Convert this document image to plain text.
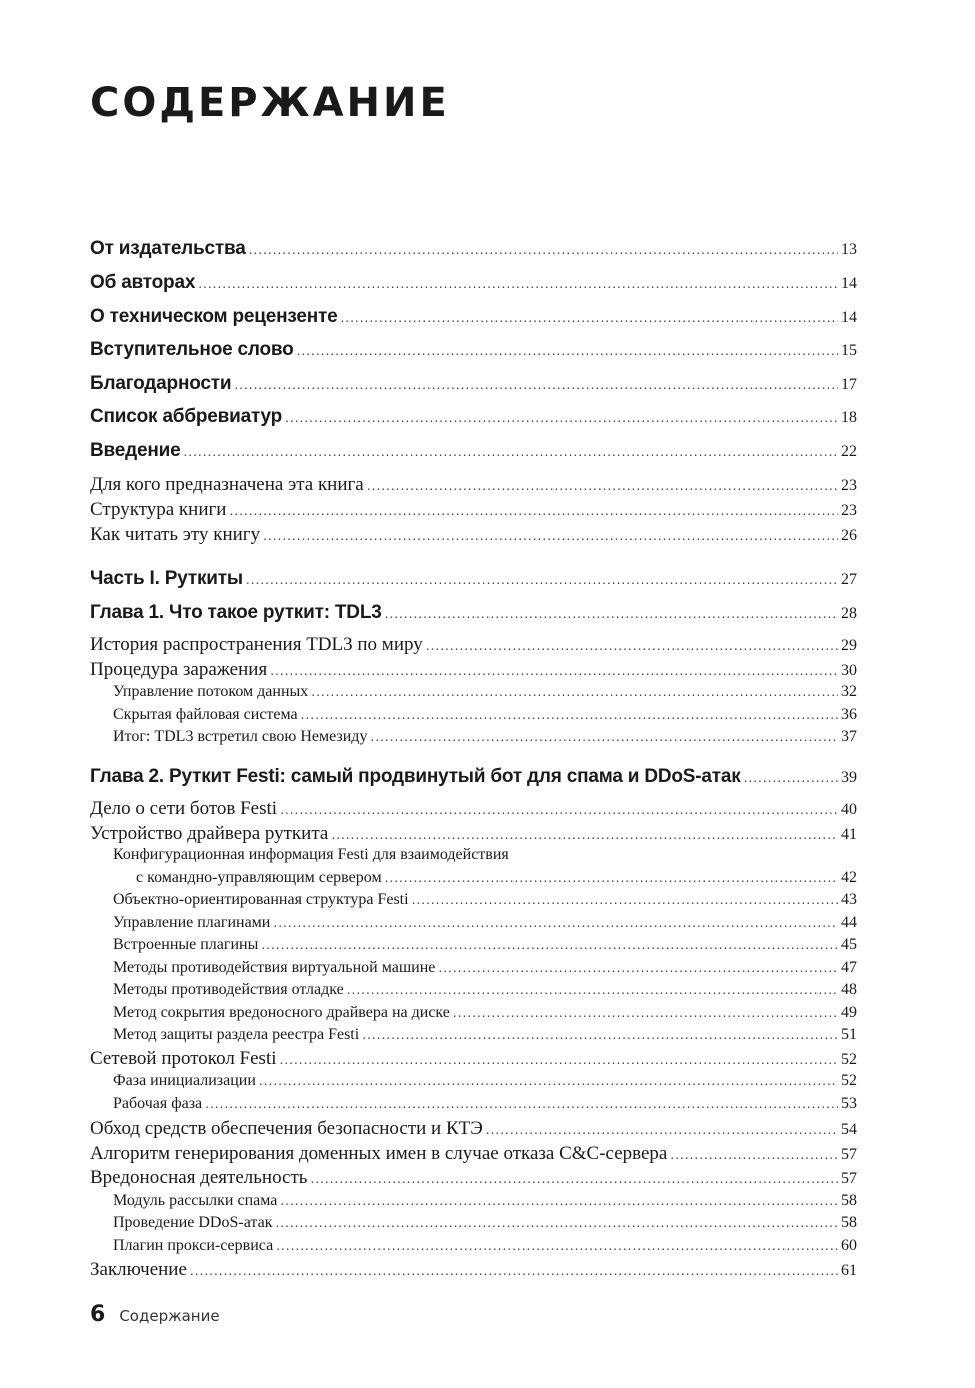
СОДЕРЖАНИЕ
От издательства .....	13
Об авторах .....	14
О техническом рецензенте .....	14
Вступительное слово .....	15
Благодарности .....	17
Список аббревиатур .....	18
Введение .....	22
Для кого предназначена эта книга .....	23
Структура книги .....	23
Как читать эту книгу .....	26
Часть I. Руткиты .....	27
Глава 1. Что такое руткит: TDL3 .....	28
История распространения TDL3 по миру .....	29
Процедура заражения .....	30
Управление потоком данных .....	32
Скрытая файловая система .....	36
Итог: TDL3 встретил свою Немезиду .....	37
Глава 2. Руткит Festi: самый продвинутый бот для спама и DDoS-атак .....	39
Дело о сети ботов Festi .....	40
Устройство драйвера руткита .....	41
Конфигурационная информация Festi для взаимодействия
с командно-управляющим сервером .....	42
Объектно-ориентированная структура Festi .....	43
Управление плагинами .....	44
Встроенные плагины .....	45
Методы противодействия виртуальной машине .....	47
Методы противодействия отладке .....	48
Метод сокрытия вредоносного драйвера на диске .....	49
Метод защиты раздела реестра Festi .....	51
Сетевой протокол Festi .....	52
Фаза инициализации .....	52
Рабочая фаза .....	53
Обход средств обеспечения безопасности и КТЭ .....	54
Алгоритм генерирования доменных имен в случае отказа C&C-сервера .....	57
Вредоносная деятельность .....	57
Модуль рассылки спама .....	58
Проведение DDoS-атак .....	58
Плагин прокси-сервиса .....	60
Заключение .....	61
6 Содержание
